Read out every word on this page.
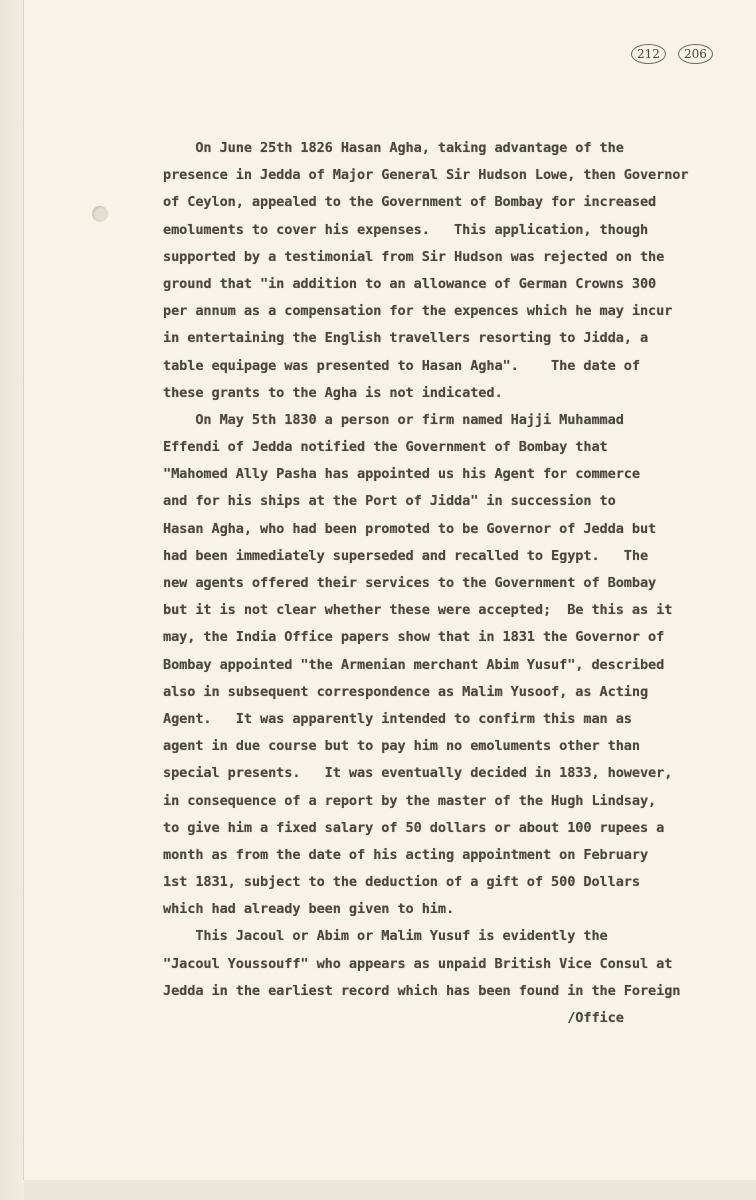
212	206
On June 25th 1826 Hasan Agha, taking advantage of the
presence in Jedda of Major General Sir Hudson Lowe, then Governor
of Ceylon, appealed to the Government of Bombay for increased
emoluments to cover his expenses.   This application, though
supported by a testimonial from Sir Hudson was rejected on the
ground that "in addition to an allowance of German Crowns 300
per annum as a compensation for the expences which he may incur
in entertaining the English travellers resorting to Jidda, a
table equipage was presented to Hasan Agha".    The date of
these grants to the Agha is not indicated.
On May 5th 1830 a person or firm named Hajji Muhammad
Effendi of Jedda notified the Government of Bombay that
"Mahomed Ally Pasha has appointed us his Agent for commerce
and for his ships at the Port of Jidda" in succession to
Hasan Agha, who had been promoted to be Governor of Jedda but
had been immediately superseded and recalled to Egypt.   The
new agents offered their services to the Government of Bombay
but it is not clear whether these were accepted;  Be this as it
may, the India Office papers show that in 1831 the Governor of
Bombay appointed "the Armenian merchant Abim Yusuf", described
also in subsequent correspondence as Malim Yusoof, as Acting
Agent.   It was apparently intended to confirm this man as
agent in due course but to pay him no emoluments other than
special presents.   It was eventually decided in 1833, however,
in consequence of a report by the master of the Hugh Lindsay,
to give him a fixed salary of 50 dollars or about 100 rupees a
month as from the date of his acting appointment on February
1st 1831, subject to the deduction of a gift of 500 Dollars
which had already been given to him.
This Jacoul or Abim or Malim Yusuf is evidently the
"Jacoul Youssouff" who appears as unpaid British Vice Consul at
Jedda in the earliest record which has been found in the Foreign
/Office
